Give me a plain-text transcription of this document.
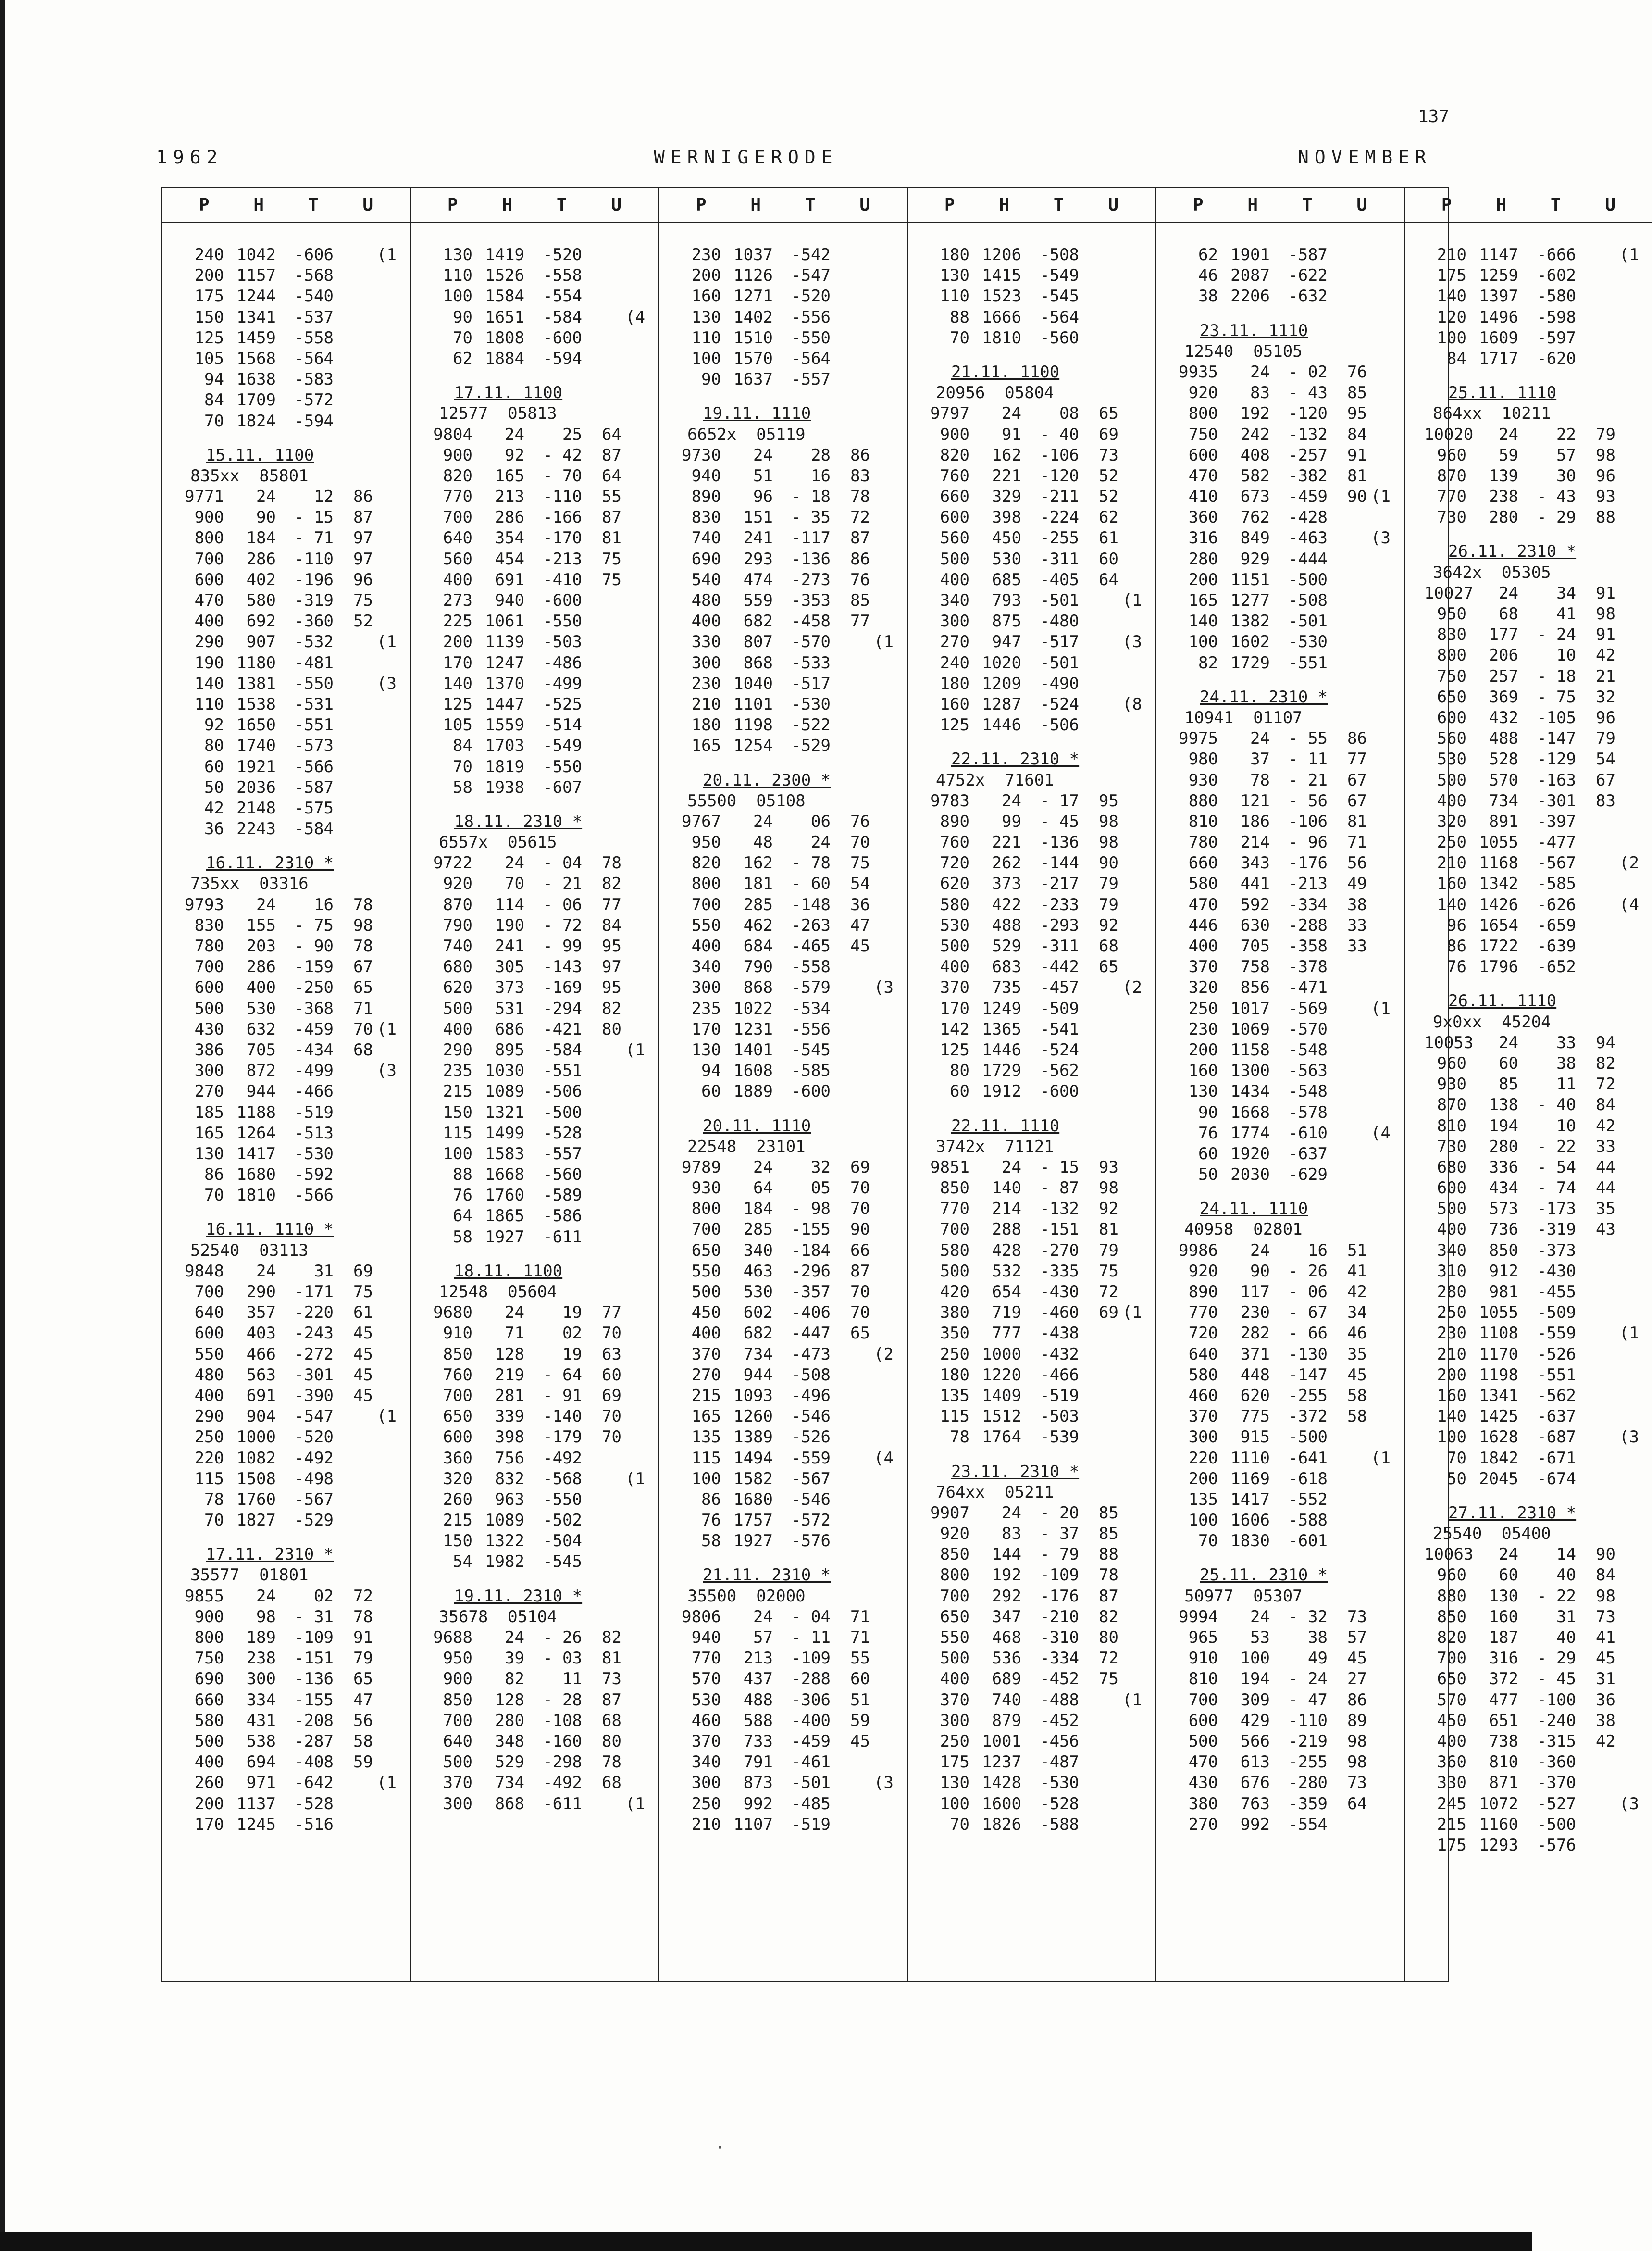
137
1962	WERNIGERODE	NOVEMBER
P	H	T	U
240 1042	-606	(1
200 1157	-568
175 1244	-540
150 1341	-537
125 1459	-558
105 1568	-564
94 1638	-583
84 1709	-572
70 1824	-594
15.11. 1100
835xx  85801
9771	24	12	86
900	90	- 15	87
800	184	- 71	97
700	286	-110	97
600	402	-196	96
470	580	-319	75
400	692	-360	52
290	907	-532	(1
190 1180	-481
140 1381	-550	(3
110 1538	-531
92 1650	-551
80 1740	-573
60 1921	-566
50 2036	-587
42 2148	-575
36 2243	-584
16.11. 2310 *
735xx  03316
9793	24	16	78
830	155	- 75	98
780	203	- 90	78
700	286	-159	67
600	400	-250	65
500	530	-368	71
430	632	-459	70 (1
386	705	-434	68
300	872	-499	(3
270	944	-466
185 1188	-519
165 1264	-513
130 1417	-530
86 1680	-592
70 1810	-566
16.11. 1110 *
52540  03113
9848	24	31	69
700	290	-171	75
640	357	-220	61
600	403	-243	45
550	466	-272	45
480	563	-301	45
400	691	-390	45
290	904	-547	(1
250 1000	-520
220 1082	-492
115 1508	-498
78 1760	-567
70 1827	-529
17.11. 2310 *
35577  01801
9855	24	02	72
900	98	- 31	78
800	189	-109	91
750	238	-151	79
690	300	-136	65
660	334	-155	47
580	431	-208	56
500	538	-287	58
400	694	-408	59
260	971	-642	(1
200 1137	-528
170 1245	-516
P	H	T	U
130 1419	-520
110 1526	-558
100 1584	-554
90 1651	-584	(4
70 1808	-600
62 1884	-594
17.11. 1100
12577  05813
9804	24	25	64
900	92	- 42	87
820	165	- 70	64
770	213	-110	55
700	286	-166	87
640	354	-170	81
560	454	-213	75
400	691	-410	75
273	940	-600
225 1061	-550
200 1139	-503
170 1247	-486
140 1370	-499
125 1447	-525
105 1559	-514
84 1703	-549
70 1819	-550
58 1938	-607
18.11. 2310 *
6557x  05615
9722	24	- 04	78
920	70	- 21	82
870	114	- 06	77
790	190	- 72	84
740	241	- 99	95
680	305	-143	97
620	373	-169	95
500	531	-294	82
400	686	-421	80
290	895	-584	(1
235 1030	-551
215 1089	-506
150 1321	-500
115 1499	-528
100 1583	-557
88 1668	-560
76 1760	-589
64 1865	-586
58 1927	-611
18.11. 1100
12548  05604
9680	24	19	77
910	71	02	70
850	128	19	63
760	219	- 64	60
700	281	- 91	69
650	339	-140	70
600	398	-179	70
360	756	-492
320	832	-568	(1
260	963	-550
215 1089	-502
150 1322	-504
54 1982	-545
19.11. 2310 *
35678  05104
9688	24	- 26	82
950	39	- 03	81
900	82	11	73
850	128	- 28	87
700	280	-108	68
640	348	-160	80
500	529	-298	78
370	734	-492	68
300	868	-611	(1
P	H	T	U
230 1037	-542
200 1126	-547
160 1271	-520
130 1402	-556
110 1510	-550
100 1570	-564
90 1637	-557
19.11. 1110
6652x  05119
9730	24	28	86
940	51	16	83
890	96	- 18	78
830	151	- 35	72
740	241	-117	87
690	293	-136	86
540	474	-273	76
480	559	-353	85
400	682	-458	77
330	807	-570	(1
300	868	-533
230 1040	-517
210 1101	-530
180 1198	-522
165 1254	-529
20.11. 2300 *
55500  05108
9767	24	06	76
950	48	24	70
820	162	- 78	75
800	181	- 60	54
700	285	-148	36
550	462	-263	47
400	684	-465	45
340	790	-558
300	868	-579	(3
235 1022	-534
170 1231	-556
130 1401	-545
94 1608	-585
60 1889	-600
20.11. 1110
22548  23101
9789	24	32	69
930	64	05	70
800	184	- 98	70
700	285	-155	90
650	340	-184	66
550	463	-296	87
500	530	-357	70
450	602	-406	70
400	682	-447	65
370	734	-473	(2
270	944	-508
215 1093	-496
165 1260	-546
135 1389	-526
115 1494	-559	(4
100 1582	-567
86 1680	-546
76 1757	-572
58 1927	-576
21.11. 2310 *
35500  02000
9806	24	- 04	71
940	57	- 11	71
770	213	-109	55
570	437	-288	60
530	488	-306	51
460	588	-400	59
370	733	-459	45
340	791	-461
300	873	-501	(3
250	992	-485
210 1107	-519
P	H	T	U
180 1206	-508
130 1415	-549
110 1523	-545
88 1666	-564
70 1810	-560
21.11. 1100
20956  05804
9797	24	08	65
900	91	- 40	69
820	162	-106	73
760	221	-120	52
660	329	-211	52
600	398	-224	62
560	450	-255	61
500	530	-311	60
400	685	-405	64
340	793	-501	(1
300	875	-480
270	947	-517	(3
240 1020	-501
180 1209	-490
160 1287	-524	(8
125 1446	-506
22.11. 2310 *
4752x  71601
9783	24	- 17	95
890	99	- 45	98
760	221	-136	98
720	262	-144	90
620	373	-217	79
580	422	-233	79
530	488	-293	92
500	529	-311	68
400	683	-442	65
370	735	-457	(2
170 1249	-509
142 1365	-541
125 1446	-524
80 1729	-562
60 1912	-600
22.11. 1110
3742x  71121
9851	24	- 15	93
850	140	- 87	98
770	214	-132	92
700	288	-151	81
580	428	-270	79
500	532	-335	75
420	654	-430	72
380	719	-460	69 (1
350	777	-438
250 1000	-432
180 1220	-466
135 1409	-519
115 1512	-503
78 1764	-539
23.11. 2310 *
764xx  05211
9907	24	- 20	85
920	83	- 37	85
850	144	- 79	88
800	192	-109	78
700	292	-176	87
650	347	-210	82
550	468	-310	80
500	536	-334	72
400	689	-452	75
370	740	-488	(1
300	879	-452
250 1001	-456
175 1237	-487
130 1428	-530
100 1600	-528
70 1826	-588
P	H	T	U
62 1901	-587
46 2087	-622
38 2206	-632
23.11. 1110
12540  05105
9935	24	- 02	76
920	83	- 43	85
800	192	-120	95
750	242	-132	84
600	408	-257	91
470	582	-382	81
410	673	-459	90 (1
360	762	-428
316	849	-463	(3
280	929	-444
200 1151	-500
165 1277	-508
140 1382	-501
100 1602	-530
82 1729	-551
24.11. 2310 *
10941  01107
9975	24	- 55	86
980	37	- 11	77
930	78	- 21	67
880	121	- 56	67
810	186	-106	81
780	214	- 96	71
660	343	-176	56
580	441	-213	49
470	592	-334	38
446	630	-288	33
400	705	-358	33
370	758	-378
320	856	-471
250 1017	-569	(1
230 1069	-570
200 1158	-548
160 1300	-563
130 1434	-548
90 1668	-578
76 1774	-610	(4
60 1920	-637
50 2030	-629
24.11. 1110
40958  02801
9986	24	16	51
920	90	- 26	41
890	117	- 06	42
770	230	- 67	34
720	282	- 66	46
640	371	-130	35
580	448	-147	45
460	620	-255	58
370	775	-372	58
300	915	-500
220 1110	-641	(1
200 1169	-618
135 1417	-552
100 1606	-588
70 1830	-601
25.11. 2310 *
50977  05307
9994	24	- 32	73
965	53	38	57
910	100	49	45
810	194	- 24	27
700	309	- 47	86
600	429	-110	89
500	566	-219	98
470	613	-255	98
430	676	-280	73
380	763	-359	64
270	992	-554
P	H	T	U
210 1147	-666	(1
175 1259	-602
140 1397	-580
120 1496	-598
100 1609	-597
84 1717	-620
25.11. 1110
864xx  10211
10020	24	22	79
960	59	57	98
870	139	30	96
770	238	- 43	93
730	280	- 29	88
26.11. 2310 *
3642x  05305
10027	24	34	91
950	68	41	98
830	177	- 24	91
800	206	10	42
750	257	- 18	21
650	369	- 75	32
600	432	-105	96
560	488	-147	79
530	528	-129	54
500	570	-163	67
400	734	-301	83
320	891	-397
250 1055	-477
210 1168	-567	(2
160 1342	-585
140 1426	-626	(4
96 1654	-659
86 1722	-639
76 1796	-652
26.11. 1110
9x0xx  45204
10053	24	33	94
960	60	38	82
930	85	11	72
870	138	- 40	84
810	194	10	42
730	280	- 22	33
680	336	- 54	44
600	434	- 74	44
500	573	-173	35
400	736	-319	43
340	850	-373
310	912	-430
280	981	-455
250 1055	-509
230 1108	-559	(1
210 1170	-526
200 1198	-551
160 1341	-562
140 1425	-637
100 1628	-687	(3
70 1842	-671
50 2045	-674
27.11. 2310 *
25540  05400
10063	24	14	90
960	60	40	84
880	130	- 22	98
850	160	31	73
820	187	40	41
700	316	- 29	45
650	372	- 45	31
570	477	-100	36
450	651	-240	38
400	738	-315	42
360	810	-360
330	871	-370
245 1072	-527	(3
215 1160	-500
175 1293	-576
